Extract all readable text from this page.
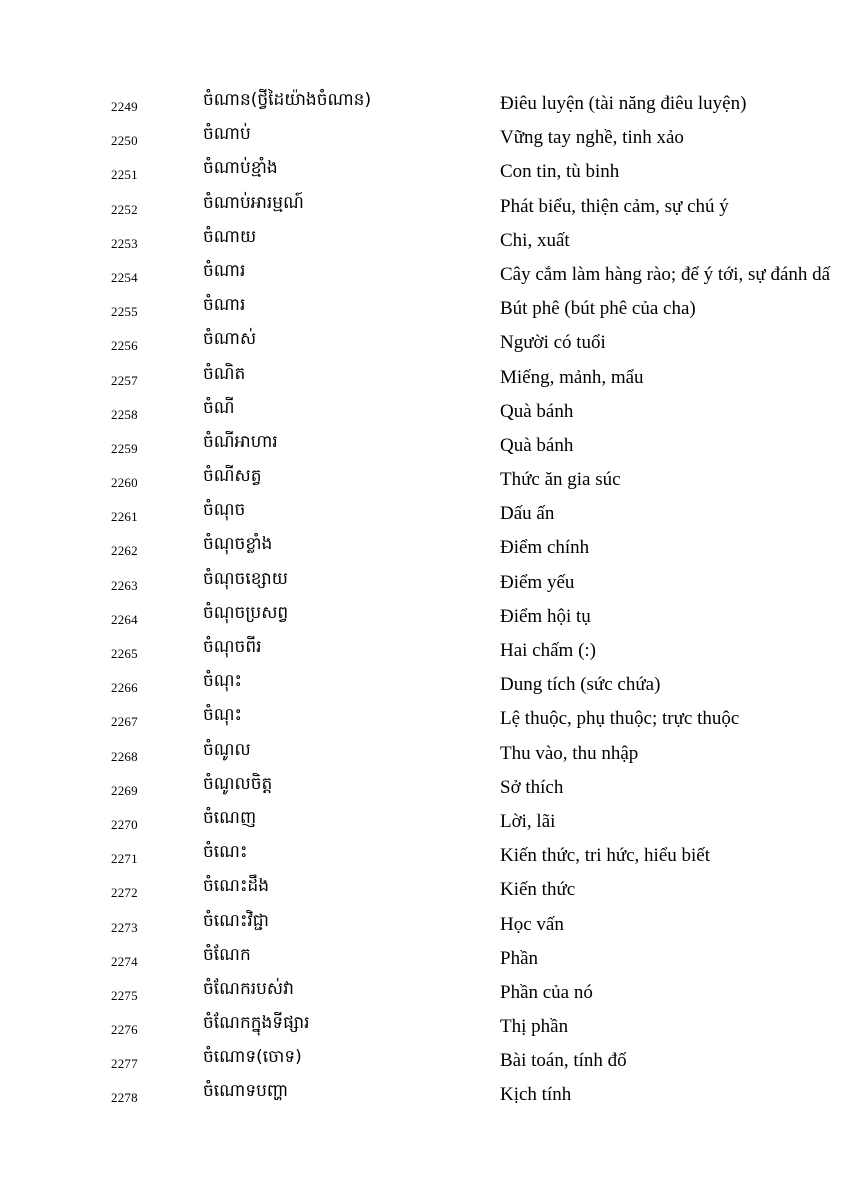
2249	ចំណាន(ថ្វីដៃយ៉ាងចំណាន)	Điêu luyện (tài năng điêu luyện)
2250	ចំណាប់	Vững tay nghề, tinh xảo
2251	ចំណាប់ខ្មាំង	Con tin, tù binh
2252	ចំណាប់អារម្មណ៍	Phát biểu, thiện cảm, sự chú ý
2253	ចំណាយ	Chi, xuất
2254	ចំណារ	Cây cắm làm hàng rào; để ý tới, sự đánh dấ
2255	ចំណារ	Bút phê (bút phê của cha)
2256	ចំណាស់	Người có tuổi
2257	ចំណិត	Miếng, mảnh, mẩu
2258	ចំណី	Quà bánh
2259	ចំណីអាហារ	Quà bánh
2260	ចំណីសត្វ	Thức ăn gia súc
2261	ចំណុច	Dấu ấn
2262	ចំណុចខ្លាំង	Điểm chính
2263	ចំណុចខ្សោយ	Điểm yếu
2264	ចំណុចប្រសព្វ	Điểm hội tụ
2265	ចំណុចពីរ	Hai chấm (:)
2266	ចំណុះ	Dung tích (sức chứa)
2267	ចំណុះ	Lệ thuộc, phụ thuộc; trực thuộc
2268	ចំណូល	Thu vào, thu nhập
2269	ចំណូលចិត្ត	Sở thích
2270	ចំណេញ	Lời, lãi
2271	ចំណេះ	Kiến thức, tri hức, hiểu biết
2272	ចំណេះដឹង	Kiến thức
2273	ចំណេះវិជ្ជា	Học vấn
2274	ចំណែក	Phần
2275	ចំណែករបស់វា	Phần của nó
2276	ចំណែកក្នុងទីផ្សារ	Thị phần
2277	ចំណោទ(ចោទ)	Bài toán, tính đố
2278	ចំណោទបញ្ហា	Kịch tính
